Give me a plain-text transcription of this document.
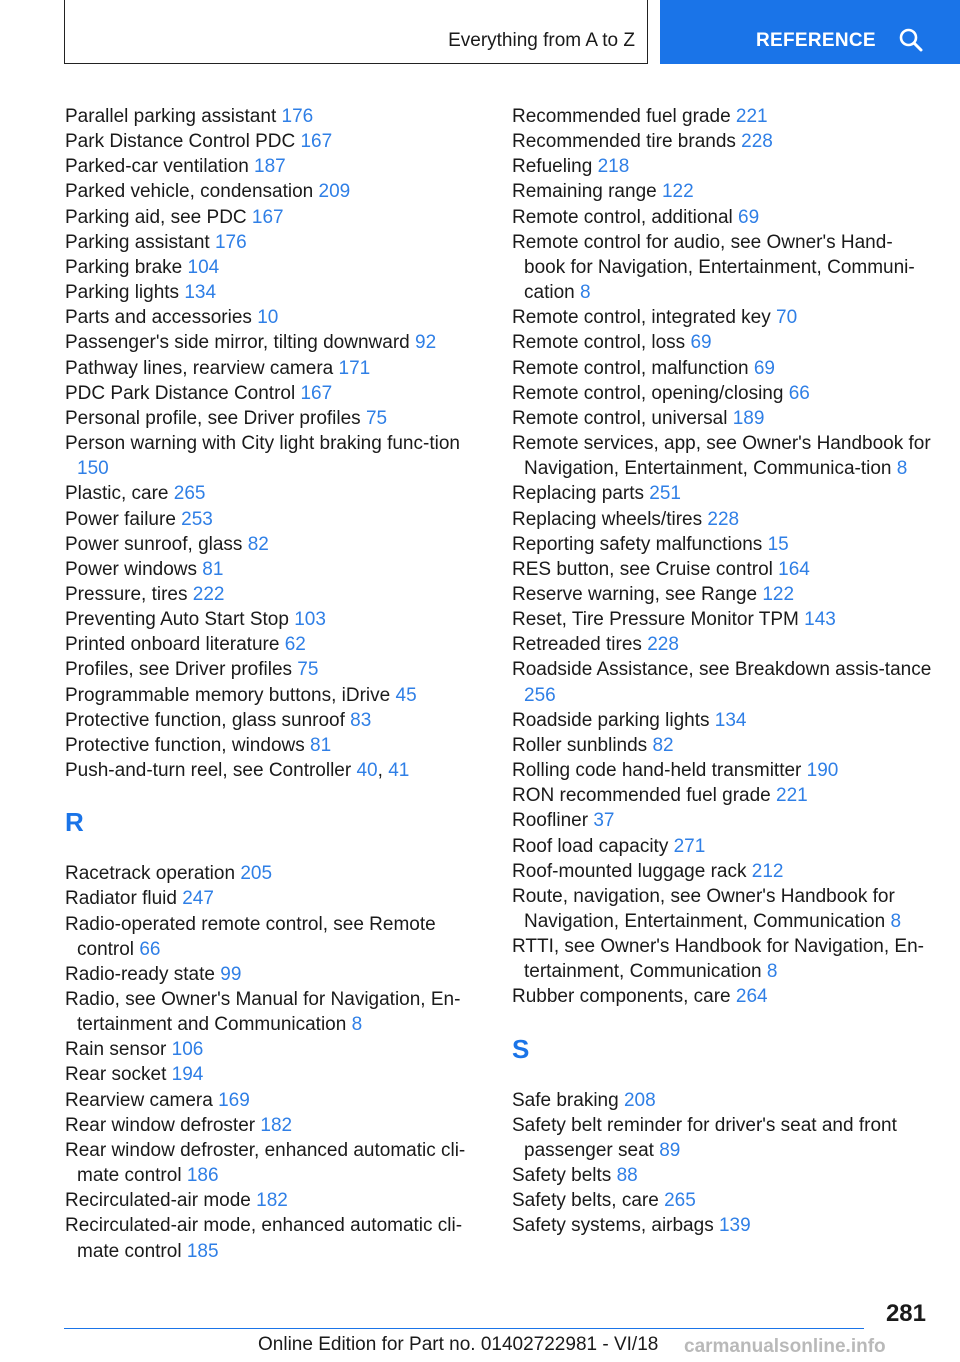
Everything from A to Z	REFERENCE
Parallel parking assistant 176
Park Distance Control PDC 167
Parked-car ventilation 187
Parked vehicle, condensation 209
Parking aid, see PDC 167
Parking assistant 176
Parking brake 104
Parking lights 134
Parts and accessories 10
Passenger's side mirror, tilting downward 92
Pathway lines, rearview camera 171
PDC Park Distance Control 167
Personal profile, see Driver profiles 75
Person warning with City light braking func-tion 150
Plastic, care 265
Power failure 253
Power sunroof, glass 82
Power windows 81
Pressure, tires 222
Preventing Auto Start Stop 103
Printed onboard literature 62
Profiles, see Driver profiles 75
Programmable memory buttons, iDrive 45
Protective function, glass sunroof 83
Protective function, windows 81
Push-and-turn reel, see Controller 40, 41
R
Racetrack operation 205
Radiator fluid 247
Radio-operated remote control, see Remote control 66
Radio-ready state 99
Radio, see Owner's Manual for Navigation, En-tertainment and Communication 8
Rain sensor 106
Rear socket 194
Rearview camera 169
Rear window defroster 182
Rear window defroster, enhanced automatic cli-mate control 186
Recirculated-air mode 182
Recirculated-air mode, enhanced automatic cli-mate control 185
Recommended fuel grade 221
Recommended tire brands 228
Refueling 218
Remaining range 122
Remote control, additional 69
Remote control for audio, see Owner's Hand-book for Navigation, Entertainment, Communi-cation 8
Remote control, integrated key 70
Remote control, loss 69
Remote control, malfunction 69
Remote control, opening/closing 66
Remote control, universal 189
Remote services, app, see Owner's Handbook for Navigation, Entertainment, Communica-tion 8
Replacing parts 251
Replacing wheels/tires 228
Reporting safety malfunctions 15
RES button, see Cruise control 164
Reserve warning, see Range 122
Reset, Tire Pressure Monitor TPM 143
Retreaded tires 228
Roadside Assistance, see Breakdown assis-tance 256
Roadside parking lights 134
Roller sunblinds 82
Rolling code hand-held transmitter 190
RON recommended fuel grade 221
Roofliner 37
Roof load capacity 271
Roof-mounted luggage rack 212
Route, navigation, see Owner's Handbook for Navigation, Entertainment, Communication 8
RTTI, see Owner's Handbook for Navigation, En-tertainment, Communication 8
Rubber components, care 264
S
Safe braking 208
Safety belt reminder for driver's seat and front passenger seat 89
Safety belts 88
Safety belts, care 265
Safety systems, airbags 139
281
Online Edition for Part no. 01402722981 - VI/18 carmanualsonline.info
